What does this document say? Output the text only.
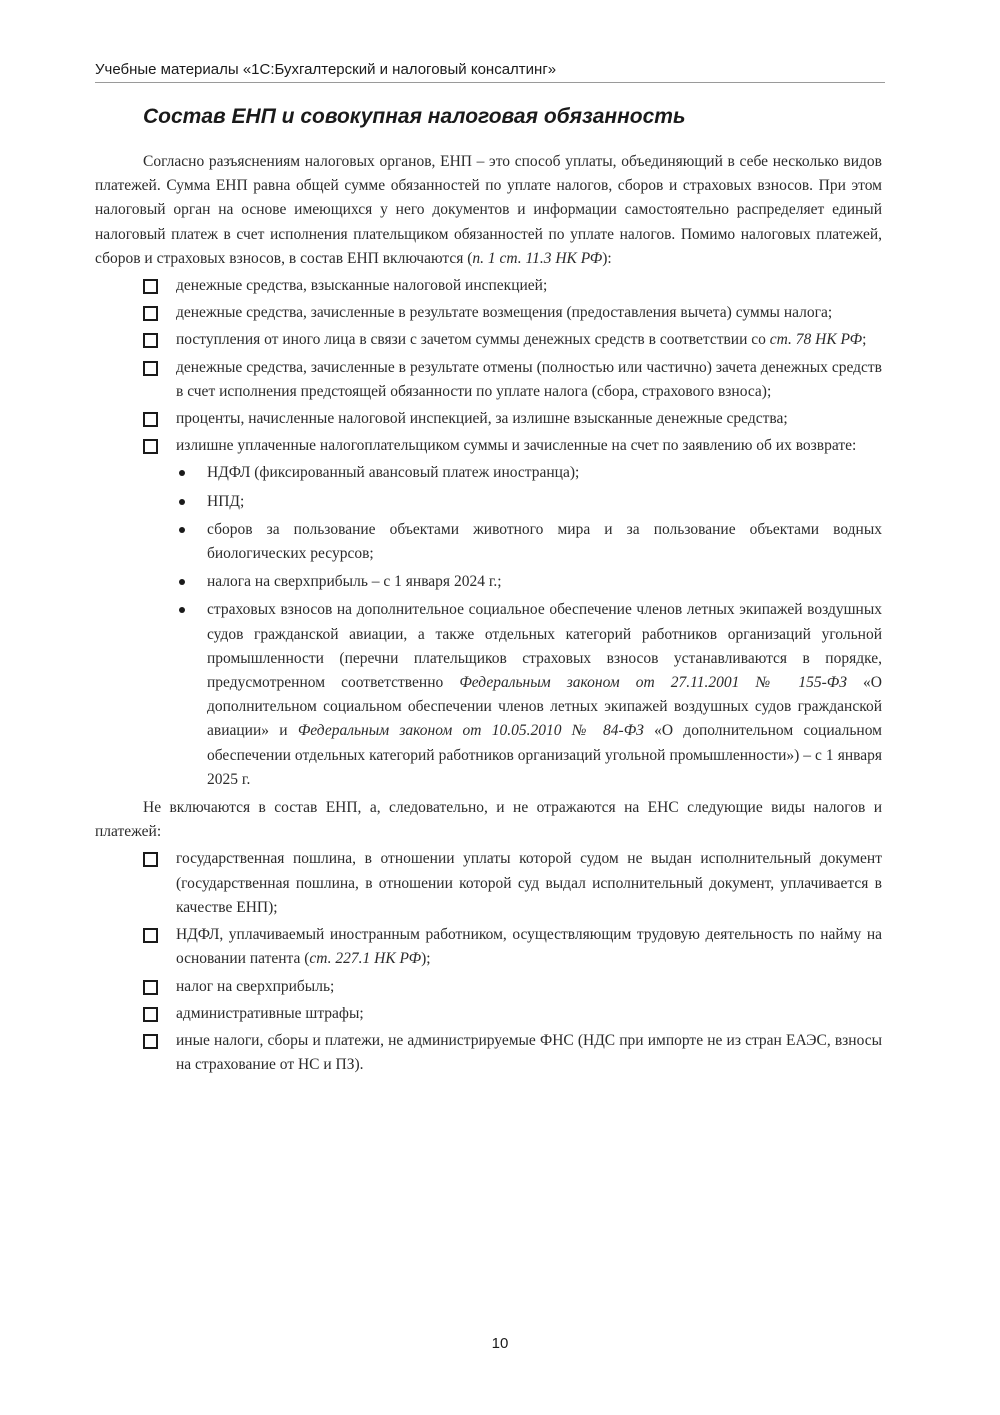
Учебные материалы «1С:Бухгалтерский и налоговый консалтинг»
Состав ЕНП и совокупная налоговая обязанность

Согласно разъяснениям налоговых органов, ЕНП – это способ уплаты, объединяющий в себе несколько видов платежей. Сумма ЕНП равна общей сумме обязанностей по уплате налогов, сборов и страховых взносов. При этом налоговый орган на основе имеющихся у него документов и информации самостоятельно распределяет единый налоговый платеж в счет исполнения плательщиком обязанностей по уплате налогов. Помимо налоговых платежей, сборов и страховых взносов, в состав ЕНП включаются (п. 1 ст. 11.3 НК РФ):

денежные средства, взысканные налоговой инспекцией;
денежные средства, зачисленные в результате возмещения (предоставления вычета) суммы налога;
поступления от иного лица в связи с зачетом суммы денежных средств в соответствии со ст. 78 НК РФ;
денежные средства, зачисленные в результате отмены (полностью или частично) зачета денежных средств в счет исполнения предстоящей обязанности по уплате налога (сбора, страхового взноса);
проценты, начисленные налоговой инспекцией, за излишне взысканные денежные средства;
излишне уплаченные налогоплательщиком суммы и зачисленные на счет по заявлению об их возврате:
НДФЛ (фиксированный авансовый платеж иностранца);
НПД;
сборов за пользование объектами животного мира и за пользование объектами водных биологических ресурсов;
налога на сверхприбыль – с 1 января 2024 г.;
страховых взносов на дополнительное социальное обеспечение членов летных экипажей воздушных судов гражданской авиации, а также отдельных категорий работников организаций угольной промышленности (перечни плательщиков страховых взносов устанавливаются в порядке, предусмотренном соответственно Федеральным законом от 27.11.2001 № 155-ФЗ «О дополнительном социальном обеспечении членов летных экипажей воздушных судов гражданской авиации» и Федеральным законом от 10.05.2010 № 84-ФЗ «О дополнительном социальном обеспечении отдельных категорий работников организаций угольной промышленности») – с 1 января 2025 г.

Не включаются в состав ЕНП, а, следовательно, и не отражаются на ЕНС следующие виды налогов и платежей:

государственная пошлина, в отношении уплаты которой судом не выдан исполнительный документ (государственная пошлина, в отношении которой суд выдал исполнительный документ, уплачивается в качестве ЕНП);
НДФЛ, уплачиваемый иностранным работником, осуществляющим трудовую деятельность по найму на основании патента (ст. 227.1 НК РФ);
налог на сверхприбыль;
административные штрафы;
иные налоги, сборы и платежи, не администрируемые ФНС (НДС при импорте не из стран ЕАЭС, взносы на страхование от НС и ПЗ).
10
